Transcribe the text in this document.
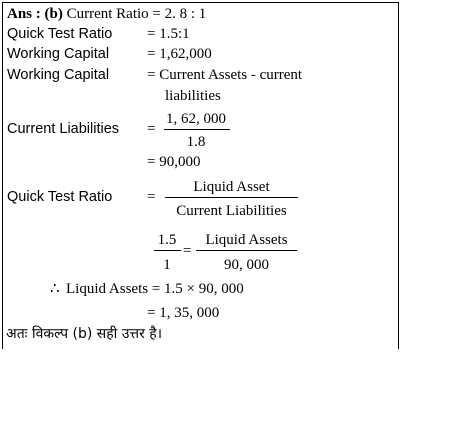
Ans : (b) Current Ratio = 2. 8 : 1
Quick Test Ratio = 1.5:1
Working Capital	= 1,62,000
Working Capital	= Current Assets - current
liabilities
Current Liabilities =
1, 62, 000
1.8
= 90,000
Quick Test Ratio =
Liquid Asset
Current Liabilities
1.5
1
=
Liquid Assets
90, 000
∴ Liquid Assets = 1.5 × 90, 000
= 1, 35, 000
अतः विकल्प (b) सही उत्तर है।
